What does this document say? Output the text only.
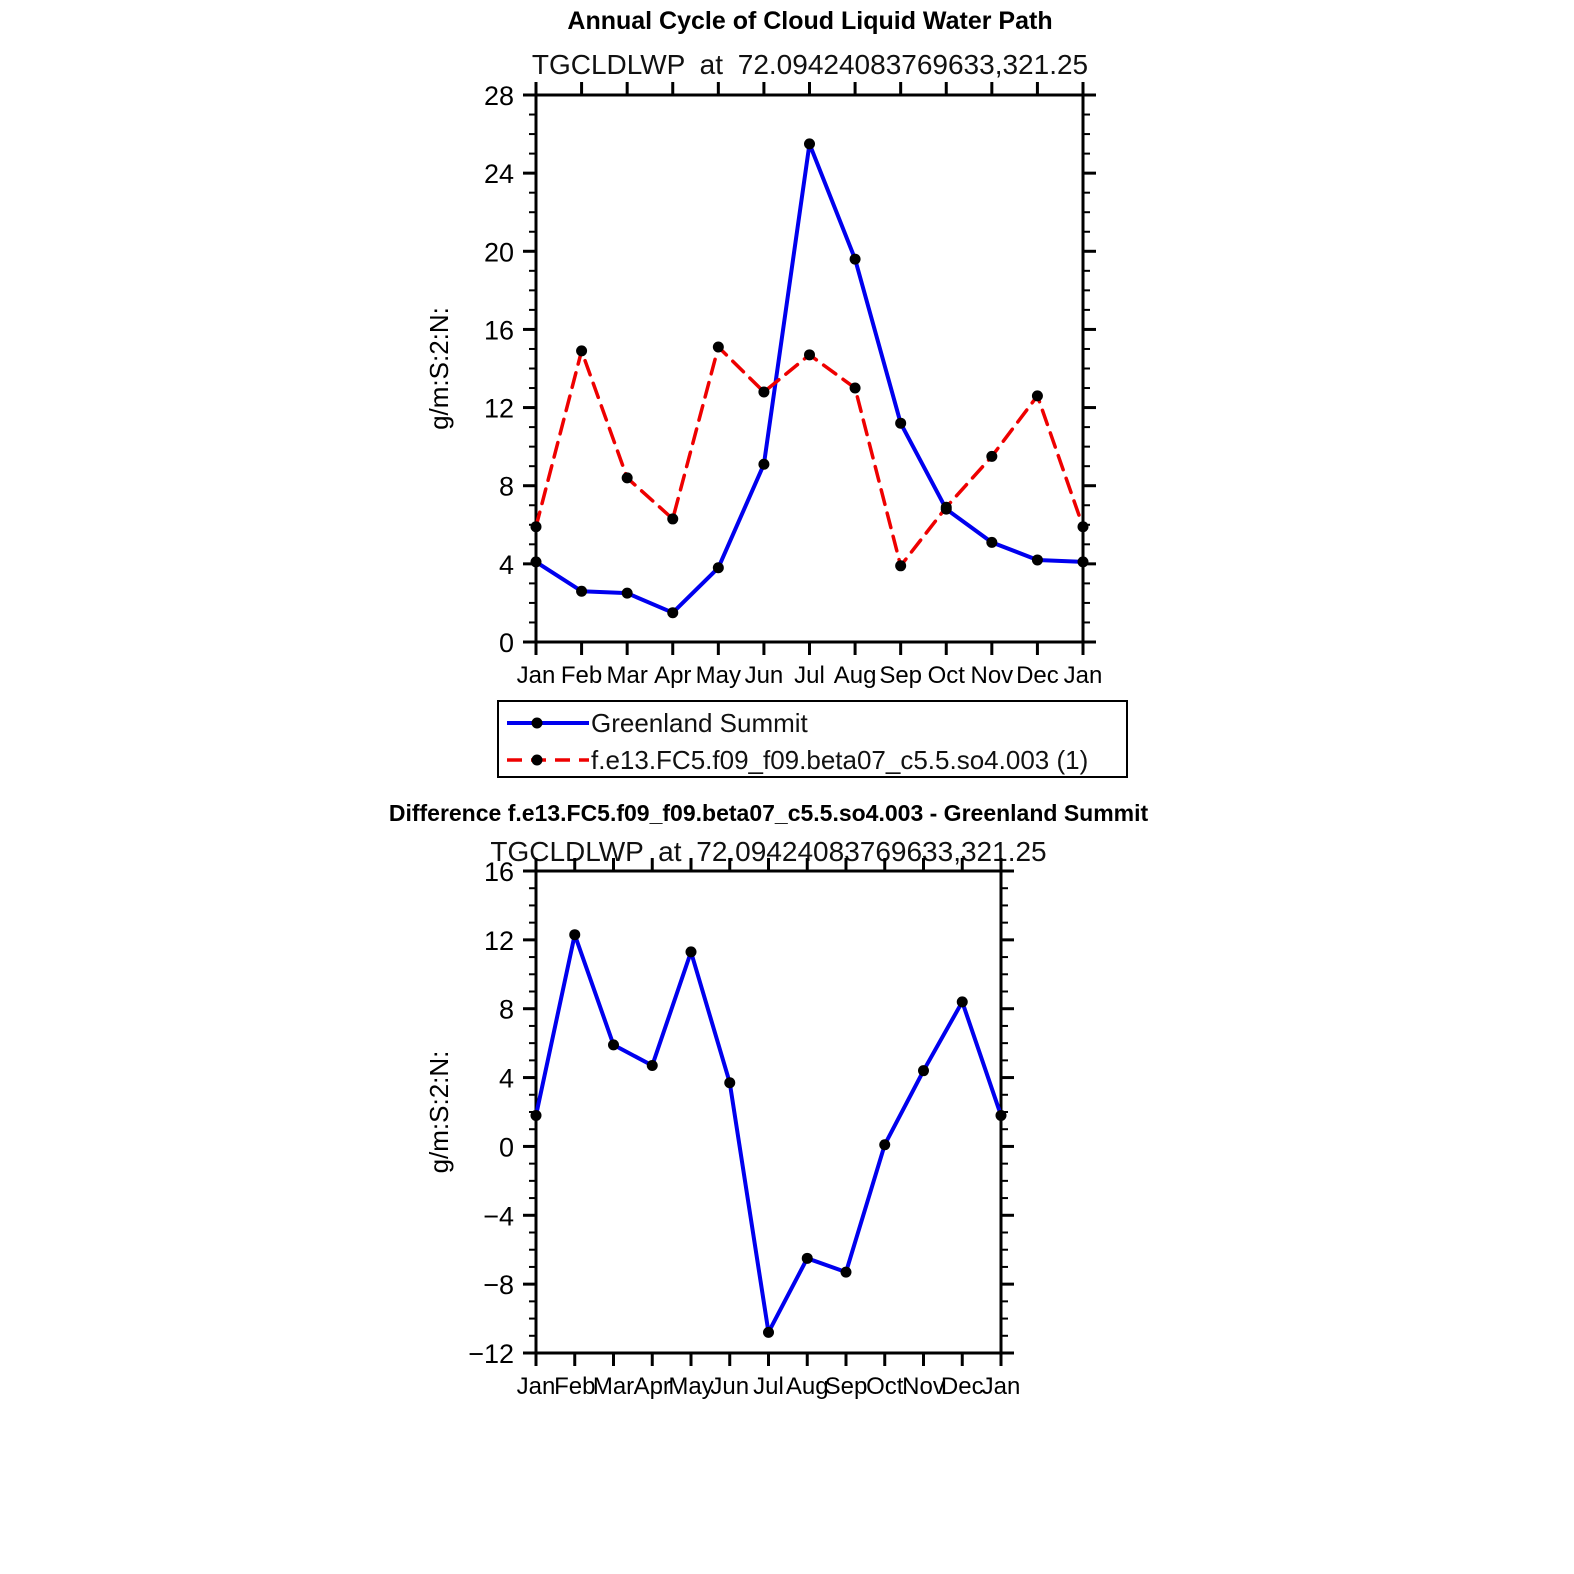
Annual Cycle of Cloud Liquid Water Path
TGCLDLWP at 72.09424083769633,321.25
Jan Feb Mar Apr May Jun Jul Aug Sep Oct Nov Dec Jan
0
4
8
12
16
20
24
28
g/m:S:2:N:
Greenland Summit
f.e13.FC5.f09_f09.beta07_c5.5.so4.003 (1)
Difference f.e13.FC5.f09_f09.beta07_c5.5.so4.003 - Greenland Summit
TGCLDLWP at 72.09424083769633,321.25
Jan
Feb
Mar Apr
May
Jun Jul Aug
Sep
Oct
Nov
Dec
Jan
−12
−8
−4
0
4
8
12
16
g/m:S:2:N:
